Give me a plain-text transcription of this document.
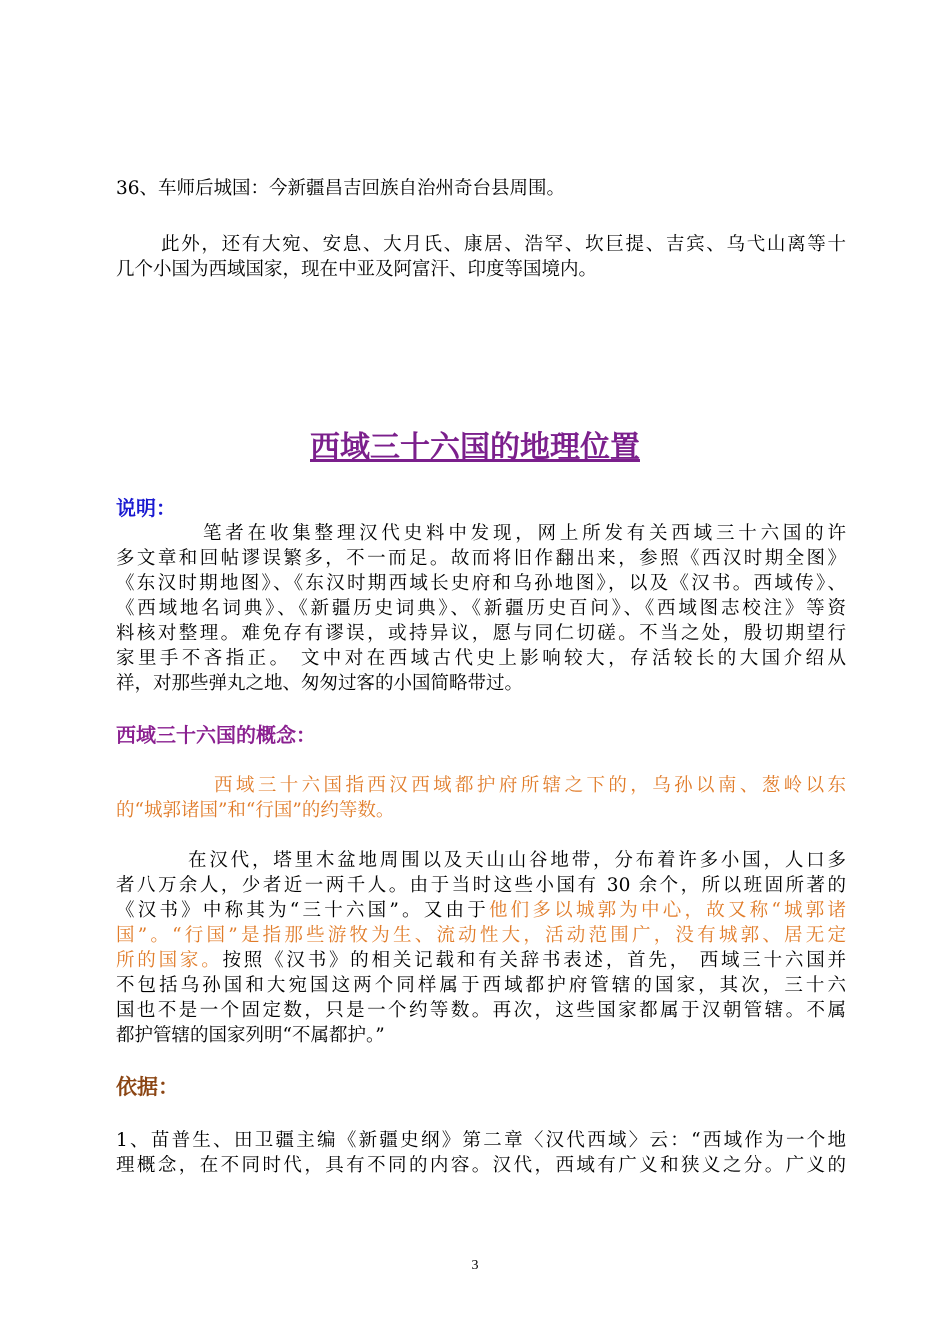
36、车师后城国：今新疆昌吉回族自治州奇台县周围。
此外，还有大宛、安息、大月氏、康居、浩罕、坎巨提、吉宾、乌弋山离等十
几个小国为西域国家，现在中亚及阿富汗、印度等国境内。
西域三十六国的地理位置
说明：
笔者在收集整理汉代史料中发现，网上所发有关西域三十六国的许
多文章和回帖谬误繁多，不一而足。故而将旧作翻出来，参照《西汉时期全图》
《东汉时期地图》、《东汉时期西域长史府和乌孙地图》，以及《汉书。西域传》、
《西域地名词典》、《新疆历史词典》、《新疆历史百问》、《西域图志校注》等资
料核对整理。难免存有谬误，或持异议，愿与同仁切磋。不当之处，殷切期望行
家里手不吝指正。 文中对在西域古代史上影响较大，存活较长的大国介绍从
祥，对那些弹丸之地、匆匆过客的小国简略带过。
西域三十六国的概念：
西域三十六国指西汉西域都护府所辖之下的，乌孙以南、葱岭以东
的“城郭诸国”和“行国”的约等数。
在汉代，塔里木盆地周围以及天山山谷地带，分布着许多小国，人口多
者八万余人，少者近一两千人。由于当时这些小国有 30 余个，所以班固所著的
《汉书》中称其为“三十六国”。又由于他们多以城郭为中心，故又称“城郭诸
国”。“行国”是指那些游牧为生、流动性大，活动范围广，没有城郭、居无定
所的国家。按照《汉书》的相关记载和有关辞书表述，首先， 西域三十六国并
不包括乌孙国和大宛国这两个同样属于西域都护府管辖的国家，其次，三十六
国也不是一个固定数，只是一个约等数。再次，这些国家都属于汉朝管辖。不属
都护管辖的国家列明“不属都护。”
依据：
1、苗普生、田卫疆主编《新疆史纲》第二章〈汉代西域〉云：“西域作为一个地
理概念，在不同时代，具有不同的内容。汉代，西域有广义和狭义之分。广义的
3
